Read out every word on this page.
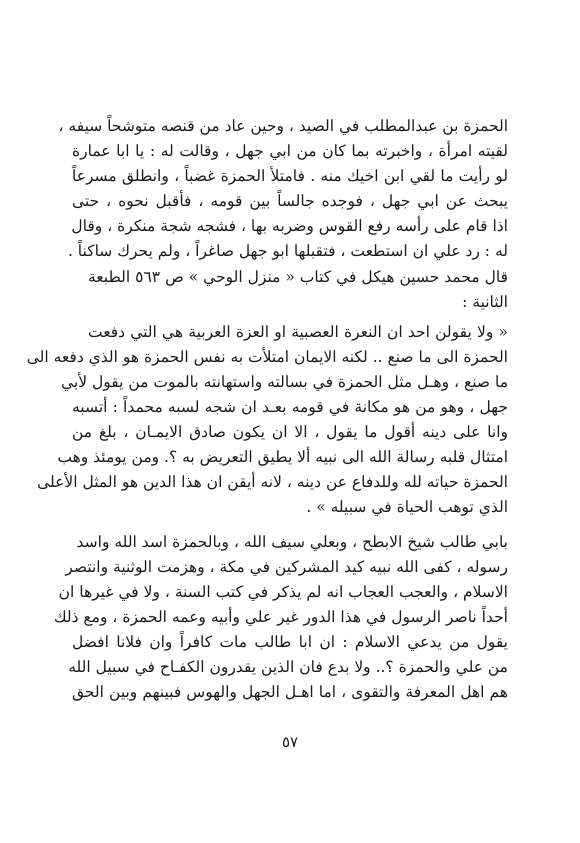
الحمزة بن عبدالمطلب في الصيد ، وحين عاد من قنصه متوشحاً سيفه ،
لقيته امرأة ، واخبرته بما كان من ابي جهل ، وقالت له : يا ابا عمارة
لو رأيت ما لقي ابن اخيك منه . فامتلأ الحمزة غضباً ، وانطلق مسرعاً
يبحث عن ابي جهل ، فوجده جالساً بين قومه ، فأقبل نحوه ، حتى
اذا قام على رأسه رفع القوس وضربه بها ، فشجه شجة منكرة ، وقال
له : رد علي ان استطعت ، فتقبلها ابو جهل صاغراً ، ولم يحرك ساكناً .
قال محمد حسين هيكل في كتاب « منزل الوحي » ص ٥٦٣ الطبعة
الثانية :
« ولا يقولن احد ان النعرة العصبية او العزة العربية هي التي دفعت
الحمزة الى ما صنع .. لكنه الايمان امتلأت به نفس الحمزة هو الذي دفعه الى
ما صنع ، وهـل مثل الحمزة في بسالته واستهانته بالموت من يقول لأبي
جهل ، وهو من هو مكانة في قومه بعـد ان شجه لسبه محمداً : أتسبه
وانا على دينه أقول ما يقول ، الا ان يكون صادق الايمـان ، بلغ من
امتثال قلبه رسالة الله الى نبيه ألا يطيق التعريض به ؟. ومن يومئذ وهب
الحمزة حياته لله وللدفاع عن دينه ، لانه أيقن ان هذا الدين هو المثل الأعلى
الذي توهب الحياة في سبيله » .
بابي طالب شيخ الابطح ، وبعلي سيف الله ، وبالحمزة اسد الله واسد
رسوله ، كفى الله نبيه كيد المشركين في مكة ، وهزمت الوثنية وانتصر
الاسلام ، والعجب العجاب انه لم يذكر في كتب السنة ، ولا في غيرها ان
أحداً ناصر الرسول في هذا الدور غير علي وأبيه وعمه الحمزة ، ومع ذلك
يقول من يدعي الاسلام : ان ابا طالب مات كافراً وان فلانا افضل
من علي والحمزة ؟.. ولا بدع فان الذين يقدرون الكفـاح في سبيل الله
هم اهل المعرفة والتقوى ، اما اهـل الجهل والهوس فبينهم وبين الحق
٥٧
